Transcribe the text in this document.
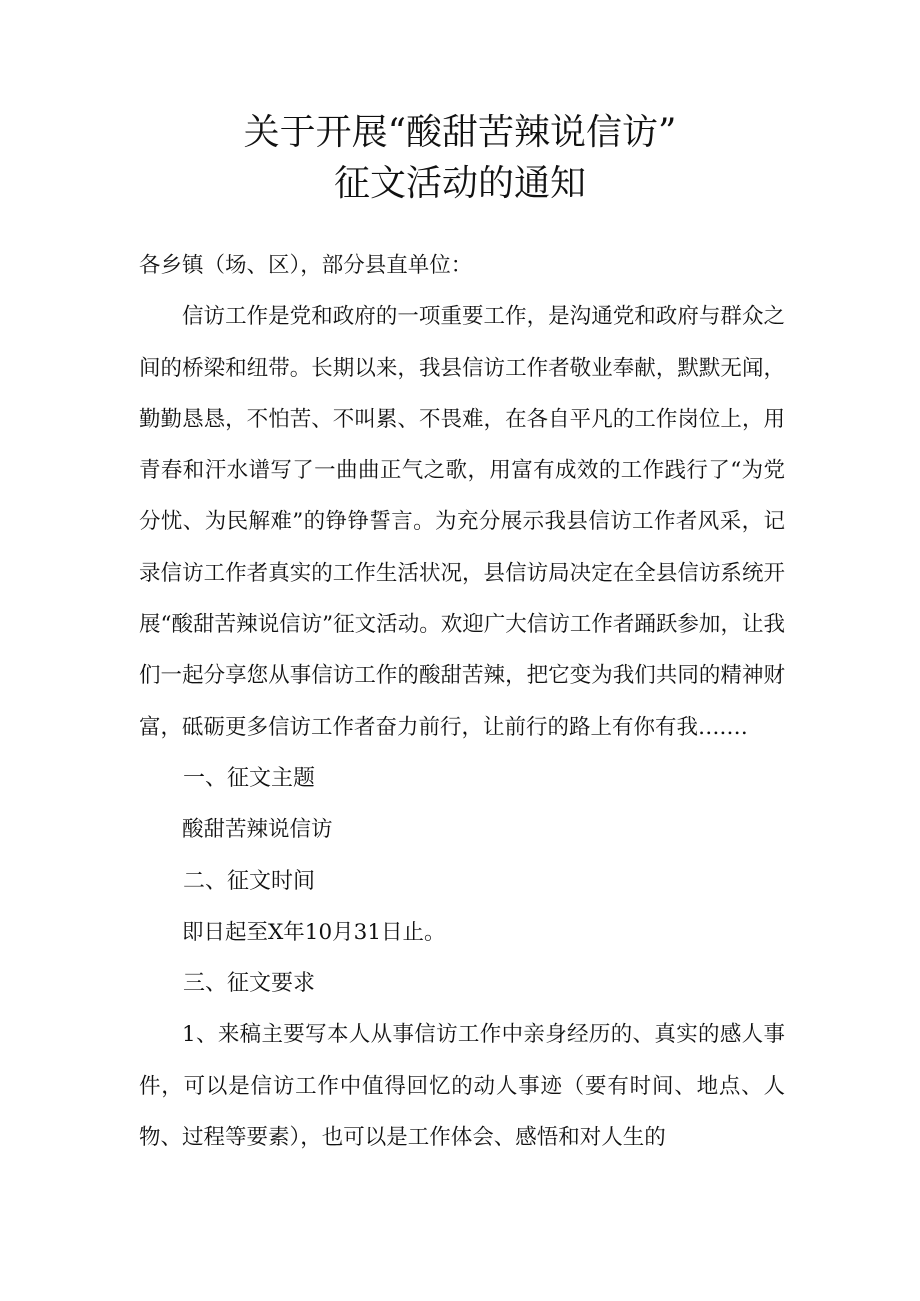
关于开展“酸甜苦辣说信访”
征文活动的通知

各乡镇（场、区），部分县直单位：

信访工作是党和政府的一项重要工作，是沟通党和政府与群众之间的桥梁和纽带。长期以来，我县信访工作者敬业奉献，默默无闻，勤勤恳恳，不怕苦、不叫累、不畏难，在各自平凡的工作岗位上，用青春和汗水谱写了一曲曲正气之歌，用富有成效的工作践行了“为党分忧、为民解难”的铮铮誓言。为充分展示我县信访工作者风采，记录信访工作者真实的工作生活状况，县信访局决定在全县信访系统开展“酸甜苦辣说信访”征文活动。欢迎广大信访工作者踊跃参加，让我们一起分享您从事信访工作的酸甜苦辣，把它变为我们共同的精神财富，砥砺更多信访工作者奋力前行，让前行的路上有你有我….…

一、征文主题

酸甜苦辣说信访

二、征文时间

即日起至X年10月31日止。

三、征文要求

1、来稿主要写本人从事信访工作中亲身经历的、真实的感人事件，可以是信访工作中值得回忆的动人事迹（要有时间、地点、人物、过程等要素），也可以是工作体会、感悟和对人生的
